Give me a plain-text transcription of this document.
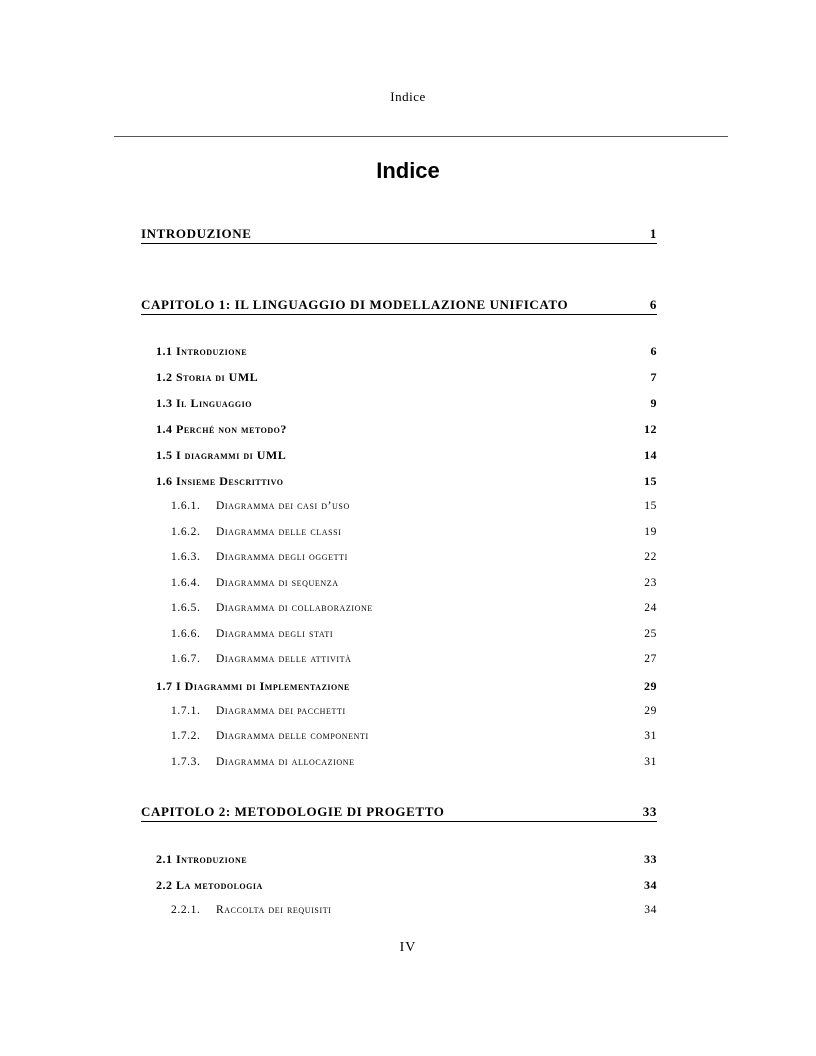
Indice
Indice
INTRODUZIONE	1
CAPITOLO 1: IL LINGUAGGIO DI MODELLAZIONE UNIFICATO	6
1.1 Introduzione	6
1.2 Storia di UML	7
1.3 Il Linguaggio	9
1.4 Perché non metodo?	12
1.5 I diagrammi di UML	14
1.6 Insieme Descrittivo	15
1.6.1. Diagramma dei casi d’uso	15
1.6.2. Diagramma delle classi	19
1.6.3. Diagramma degli oggetti	22
1.6.4. Diagramma di sequenza	23
1.6.5. Diagramma di collaborazione	24
1.6.6. Diagramma degli stati	25
1.6.7. Diagramma delle attività	27
1.7 I Diagrammi di Implementazione	29
1.7.1. Diagramma dei pacchetti	29
1.7.2. Diagramma delle componenti	31
1.7.3. Diagramma di allocazione	31
CAPITOLO 2: METODOLOGIE DI PROGETTO	33
2.1 Introduzione	33
2.2 La metodologia	34
2.2.1. Raccolta dei requisiti	34
IV
